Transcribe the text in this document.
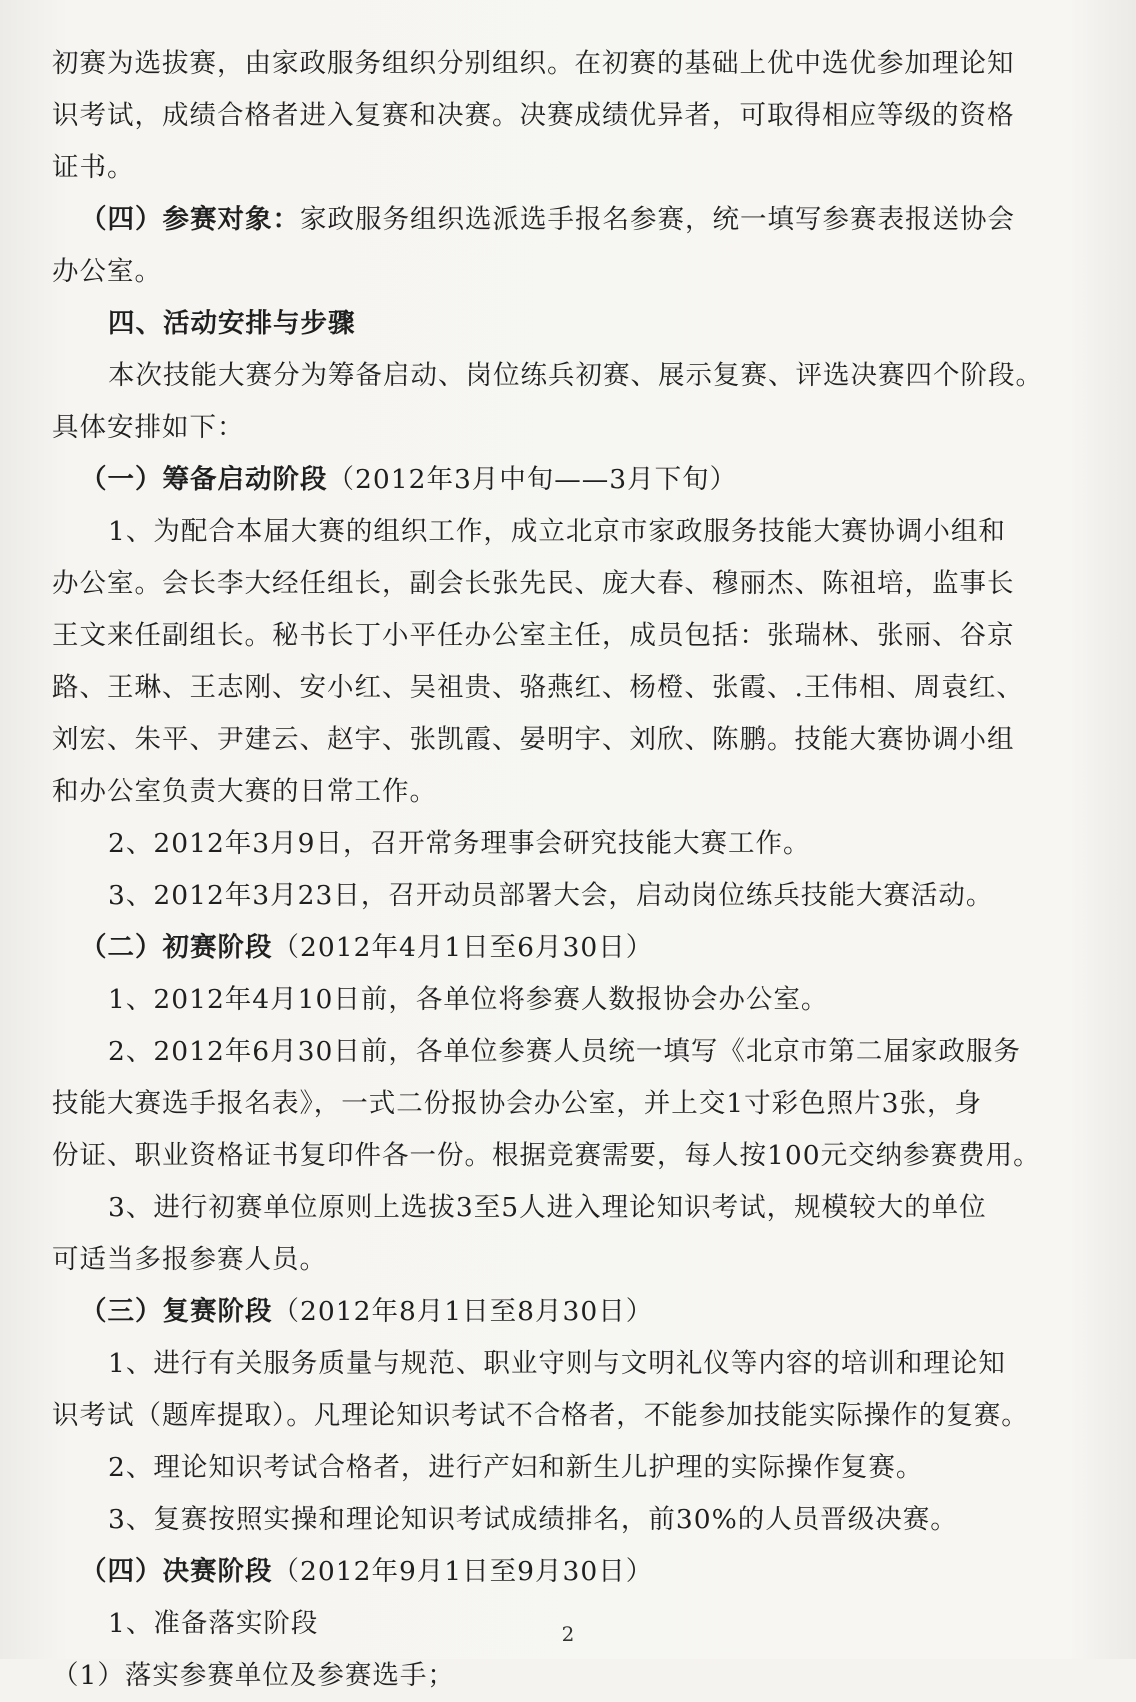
初赛为选拔赛，由家政服务组织分别组织。在初赛的基础上优中选优参加理论知

识考试，成绩合格者进入复赛和决赛。决赛成绩优异者，可取得相应等级的资格

证书。

（四）参赛对象：家政服务组织选派选手报名参赛，统一填写参赛表报送协会

办公室。

四、活动安排与步骤

本次技能大赛分为筹备启动、岗位练兵初赛、展示复赛、评选决赛四个阶段。

具体安排如下：

（一）筹备启动阶段（2012年3月中旬——3月下旬）

1、为配合本届大赛的组织工作，成立北京市家政服务技能大赛协调小组和

办公室。会长李大经任组长，副会长张先民、庞大春、穆丽杰、陈祖培，监事长

王文来任副组长。秘书长丁小平任办公室主任，成员包括：张瑞林、张丽、谷京

路、王琳、王志刚、安小红、吴祖贵、骆燕红、杨橙、张霞、.王伟相、周袁红、

刘宏、朱平、尹建云、赵宇、张凯霞、晏明宇、刘欣、陈鹏。技能大赛协调小组

和办公室负责大赛的日常工作。

2、2012年3月9日，召开常务理事会研究技能大赛工作。

3、2012年3月23日，召开动员部署大会，启动岗位练兵技能大赛活动。

（二）初赛阶段（2012年4月1日至6月30日）

1、2012年4月10日前，各单位将参赛人数报协会办公室。

2、2012年6月30日前，各单位参赛人员统一填写《北京市第二届家政服务

技能大赛选手报名表》，一式二份报协会办公室，并上交1寸彩色照片3张，身

份证、职业资格证书复印件各一份。根据竞赛需要，每人按100元交纳参赛费用。

3、进行初赛单位原则上选拔3至5人进入理论知识考试，规模较大的单位

可适当多报参赛人员。

（三）复赛阶段（2012年8月1日至8月30日）

1、进行有关服务质量与规范、职业守则与文明礼仪等内容的培训和理论知

识考试（题库提取）。凡理论知识考试不合格者，不能参加技能实际操作的复赛。

2、理论知识考试合格者，进行产妇和新生儿护理的实际操作复赛。

3、复赛按照实操和理论知识考试成绩排名，前30%的人员晋级决赛。

（四）决赛阶段（2012年9月1日至9月30日）

1、准备落实阶段

（1）落实参赛单位及参赛选手；

2
